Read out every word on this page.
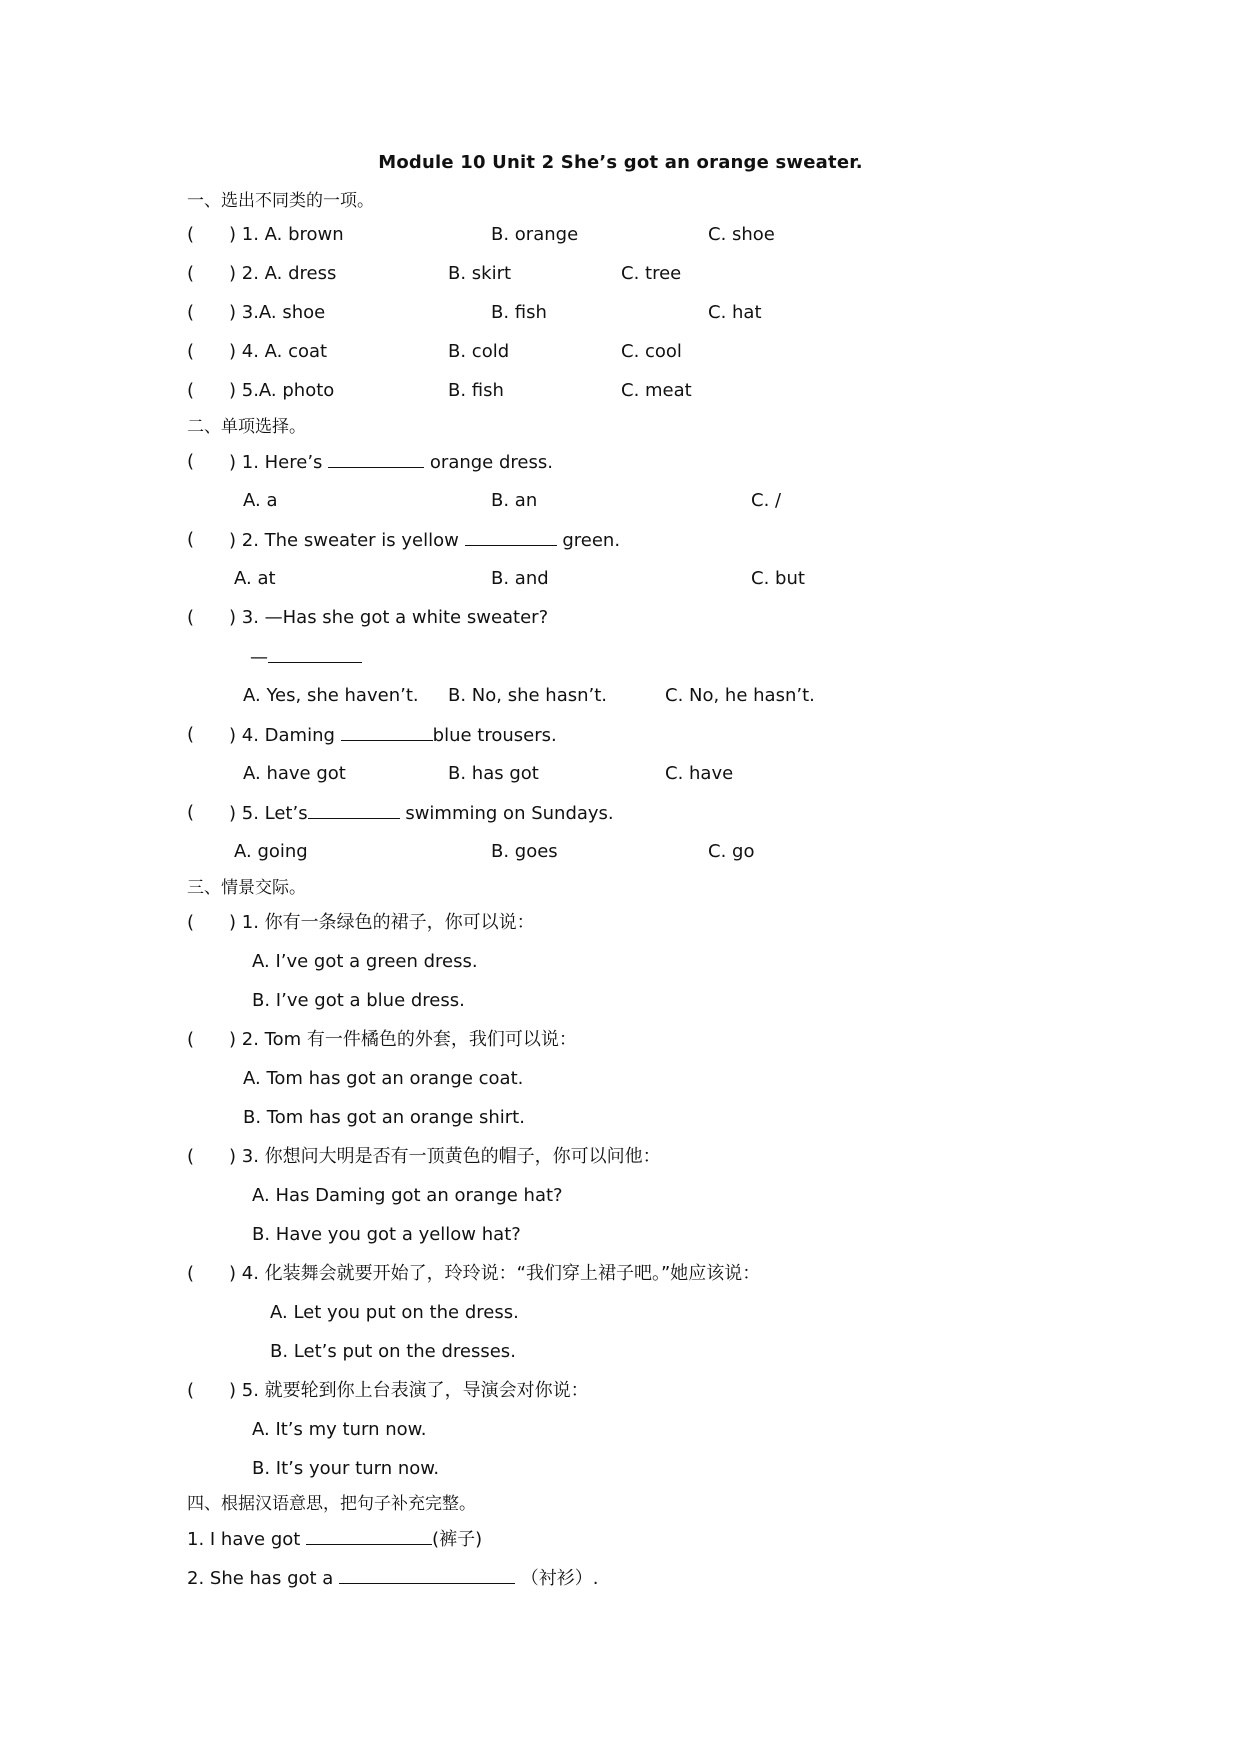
Module 10 Unit 2 She’s got an orange sweater.
一、选出不同类的一项。
( ) 1. A. brown	B. orange	C. shoe
( ) 2. A. dress	B. skirt	C. tree
( ) 3.A. shoe	B. fish	C. hat
( ) 4. A. coat	B. cold	C. cool
( ) 5.A. photo	B. fish	C. meat
二、单项选择。
( ) 1. Here’s	orange dress.
A. a	B. an	C. /
( ) 2. The sweater is yellow	green.
A. at	B. and	C. but
( ) 3. —Has she got a white sweater?
—
A. Yes, she haven’t. B. No, she hasn’t.	C. No, he hasn’t.
( ) 4. Daming	blue trousers.
A. have got	B. has got	C. have
( ) 5. Let’s	swimming on Sundays.
A. going	B. goes	C. go
三、情景交际。
( ) 1. 你有一条绿色的裙子，你可以说：
A. I’ve got a green dress.
B. I’ve got a blue dress.
( ) 2. Tom 有一件橘色的外套，我们可以说：
A. Tom has got an orange coat.
B. Tom has got an orange shirt.
( ) 3. 你想问大明是否有一顶黄色的帽子，你可以问他：
A. Has Daming got an orange hat?
B. Have you got a yellow hat?
( ) 4. 化装舞会就要开始了，玲玲说：“我们穿上裙子吧。”她应该说：
A. Let you put on the dress.
B. Let’s put on the dresses.
( ) 5. 就要轮到你上台表演了，导演会对你说：
A. It’s my turn now.
B. It’s your turn now.
四、根据汉语意思，把句子补充完整。
1. I have got	(裤子)
2. She has got a	（衬衫）.
